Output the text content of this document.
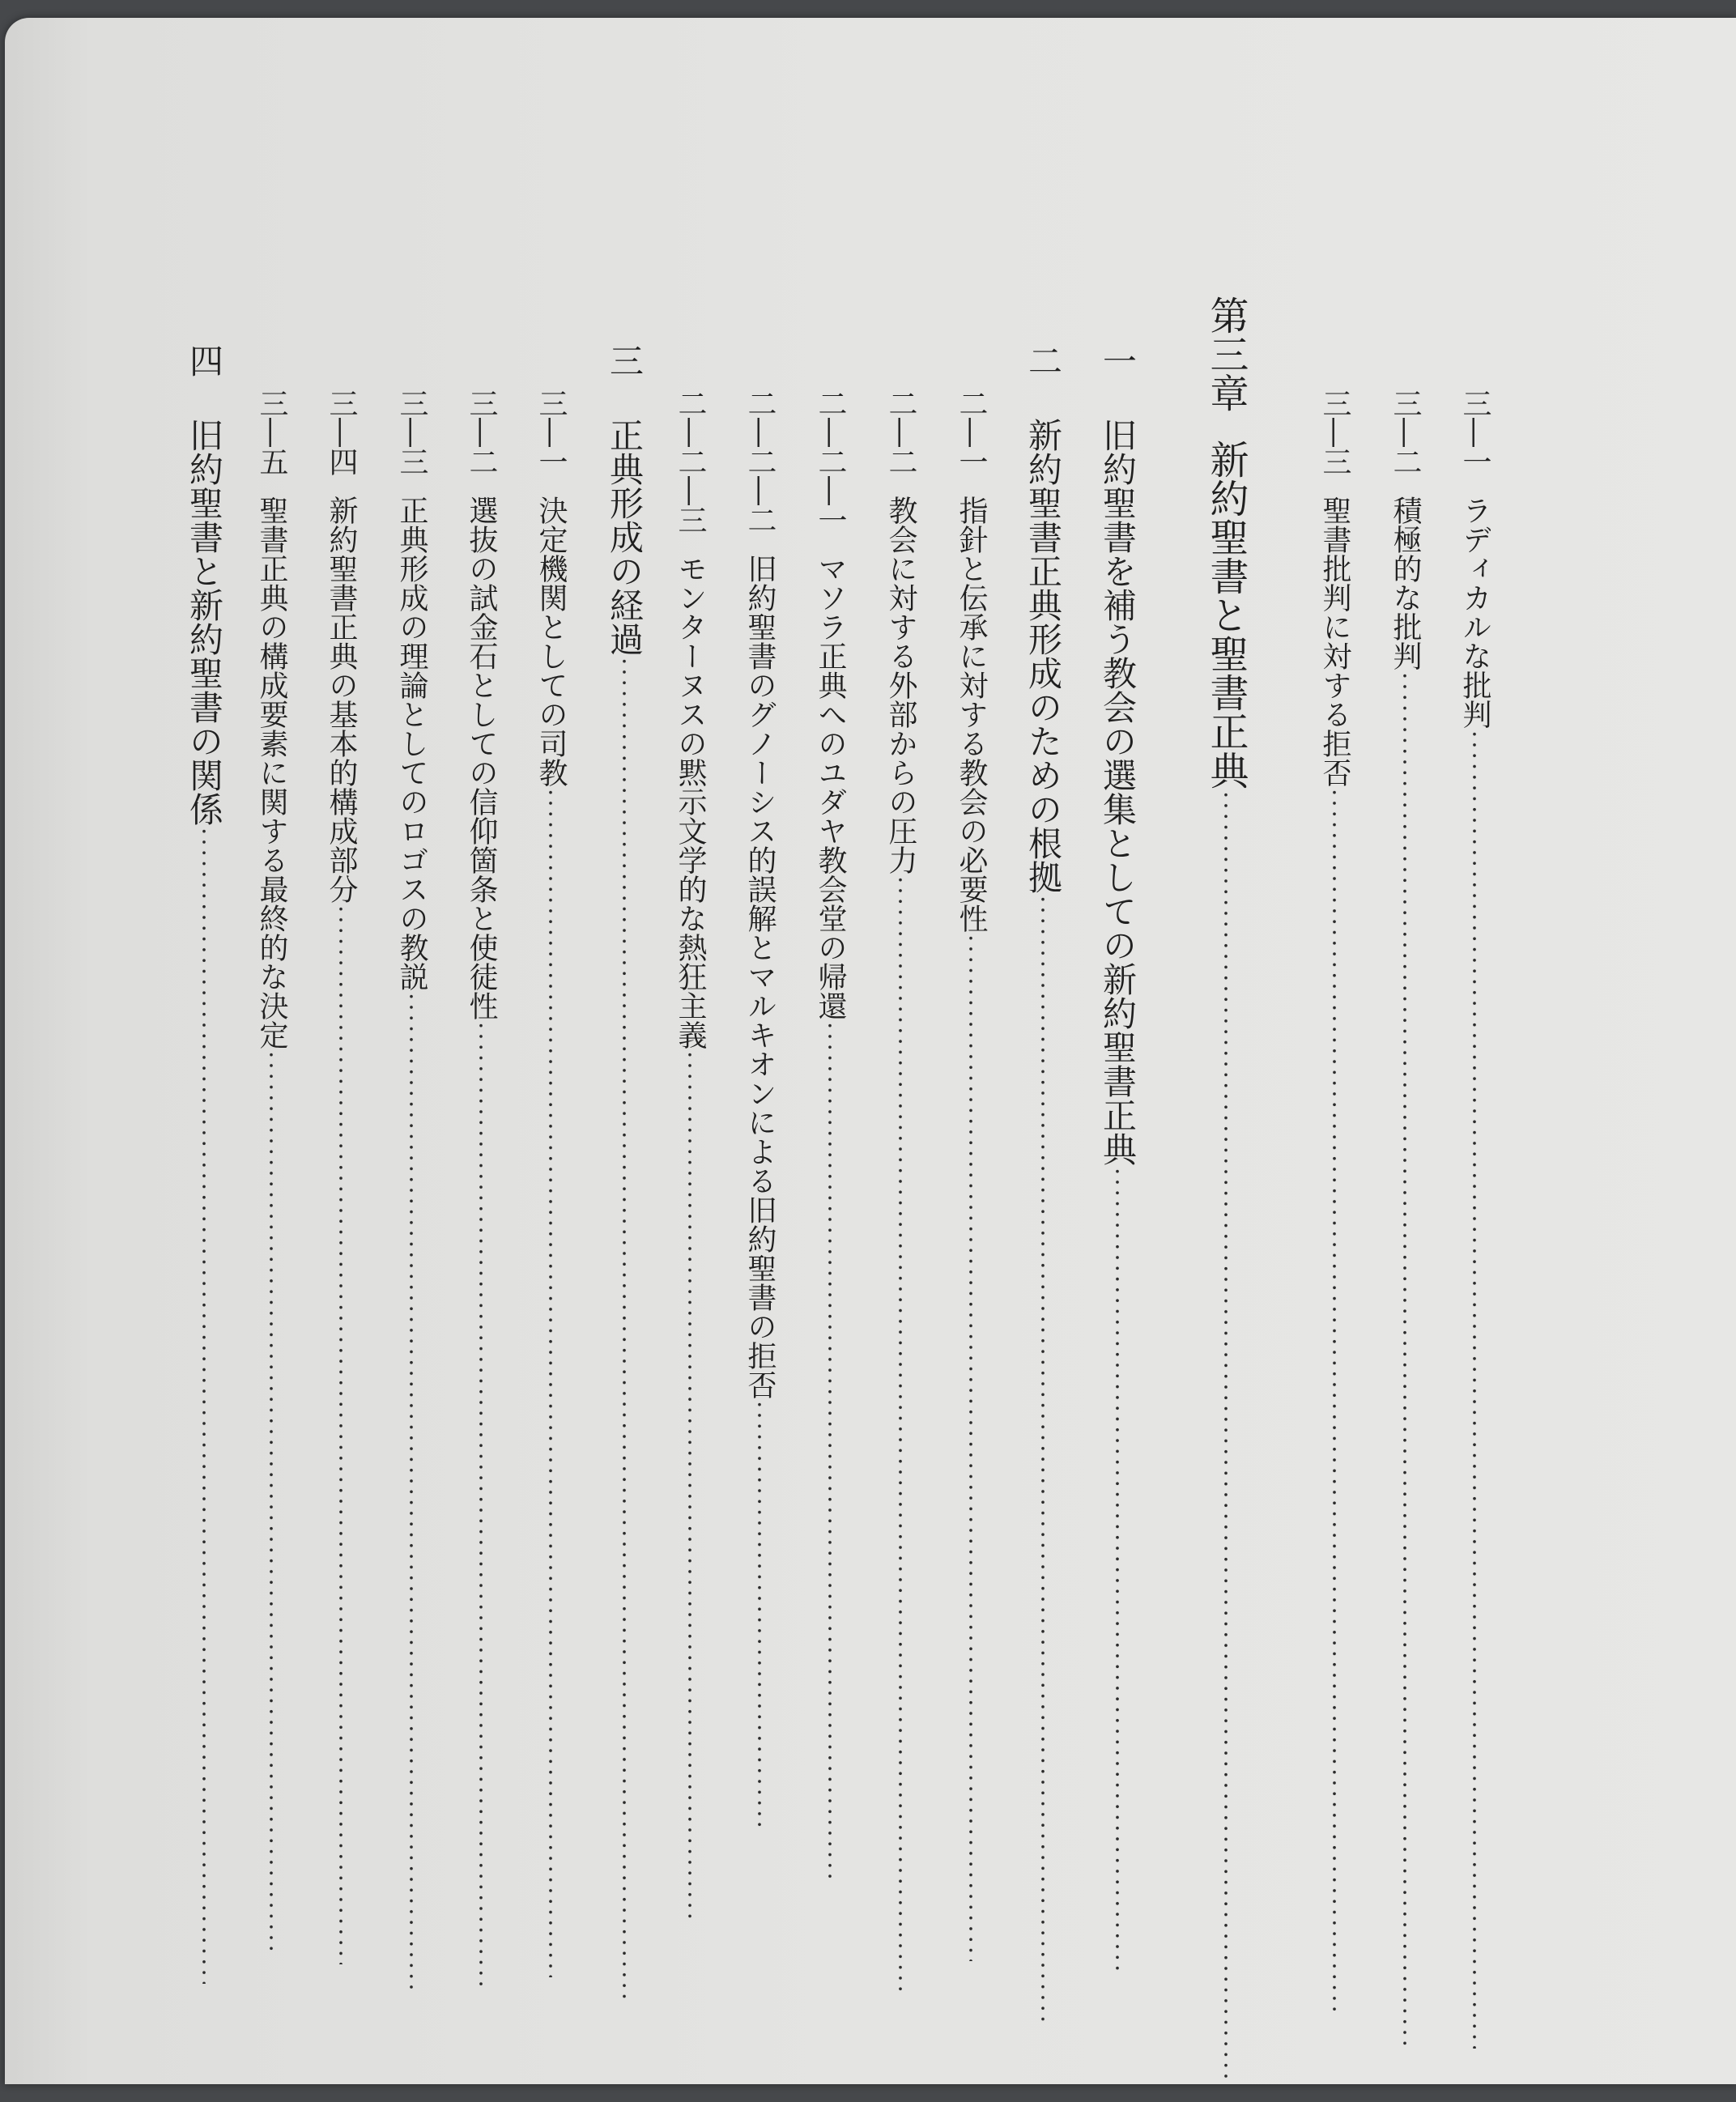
三―一
ラディカルな批判
三―二
積極的な批判
三―三
聖書批判に対する拒否
第三章
新約聖書と聖書正典
一
旧約聖書を補う教会の選集としての新約聖書正典
二
新約聖書正典形成のための根拠
二―一
指針と伝承に対する教会の必要性
二―二
教会に対する外部からの圧力
二―二―一
マソラ正典へのユダヤ教会堂の帰還
二―二―二
旧約聖書のグノーシス的誤解とマルキオンによる旧約聖書の拒否
二―二―三
モンターヌスの黙示文学的な熱狂主義
三
正典形成の経過
三―一
決定機関としての司教
三―二
選抜の試金石としての信仰箇条と使徒性
三―三
正典形成の理論としてのロゴスの教説
三―四
新約聖書正典の基本的構成部分
三―五
聖書正典の構成要素に関する最終的な決定
四
旧約聖書と新約聖書の関係
